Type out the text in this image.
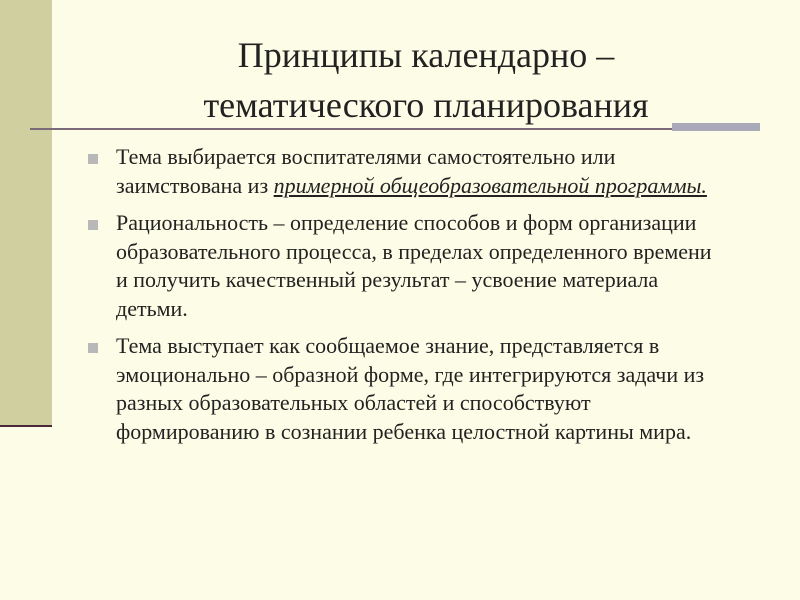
Принципы календарно –
тематического планирования
Тема выбирается воспитателями самостоятельно или заимствована из примерной общеобразовательной программы.
Рациональность – определение способов и форм организации образовательного процесса, в пределах определенного времени и получить качественный результат – усвоение материала детьми.
Тема выступает как сообщаемое знание, представляется в эмоционально – образной форме, где интегрируются задачи из разных образовательных областей и способствуют формированию в сознании ребенка целостной картины мира.
